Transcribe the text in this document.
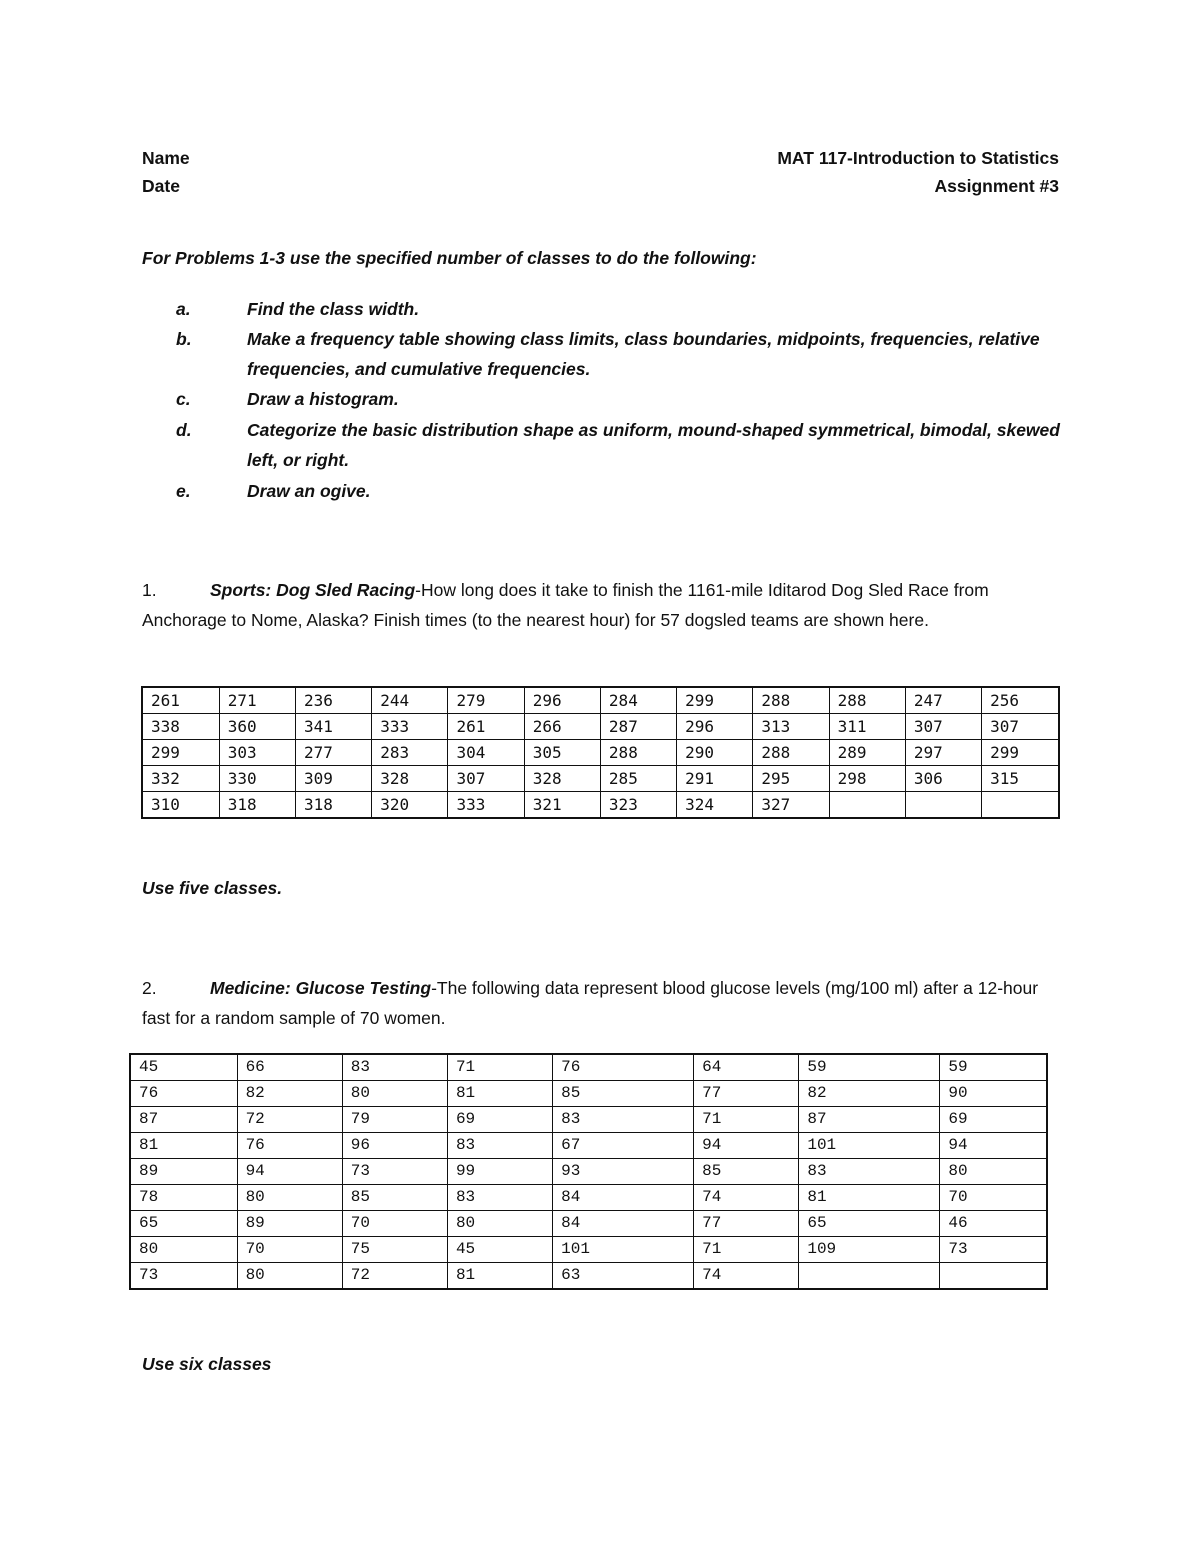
Name
Date
MAT 117-Introduction to Statistics
Assignment #3
For Problems 1-3 use the specified number of classes to do the following:
a.	Find the class width.
b.	Make a frequency table showing class limits, class boundaries, midpoints, frequencies, relative frequencies, and cumulative frequencies.
c.	Draw a histogram.
d.	Categorize the basic distribution shape as uniform, mound-shaped symmetrical, bimodal, skewed left, or right.
e.	Draw an ogive.
1.	Sports: Dog Sled Racing-How long does it take to finish the 1161-mile Iditarod Dog Sled Race from Anchorage to Nome, Alaska? Finish times (to the nearest hour) for 57 dogsled teams are shown here.
261	271	236	244	279	296	284	299	288	288	247	256
338	360	341	333	261	266	287	296	313	311	307	307
299	303	277	283	304	305	288	290	288	289	297	299
332	330	309	328	307	328	285	291	295	298	306	315
310	318	318	320	333	321	323	324	327			
Use five classes.
2.	Medicine: Glucose Testing-The following data represent blood glucose levels (mg/100 ml) after a 12-hour fast for a random sample of 70 women.
45	66	83	71	76	64	59	59
76	82	80	81	85	77	82	90
87	72	79	69	83	71	87	69
81	76	96	83	67	94	101	94
89	94	73	99	93	85	83	80
78	80	85	83	84	74	81	70
65	89	70	80	84	77	65	46
80	70	75	45	101	71	109	73
73	80	72	81	63	74		
Use six classes
